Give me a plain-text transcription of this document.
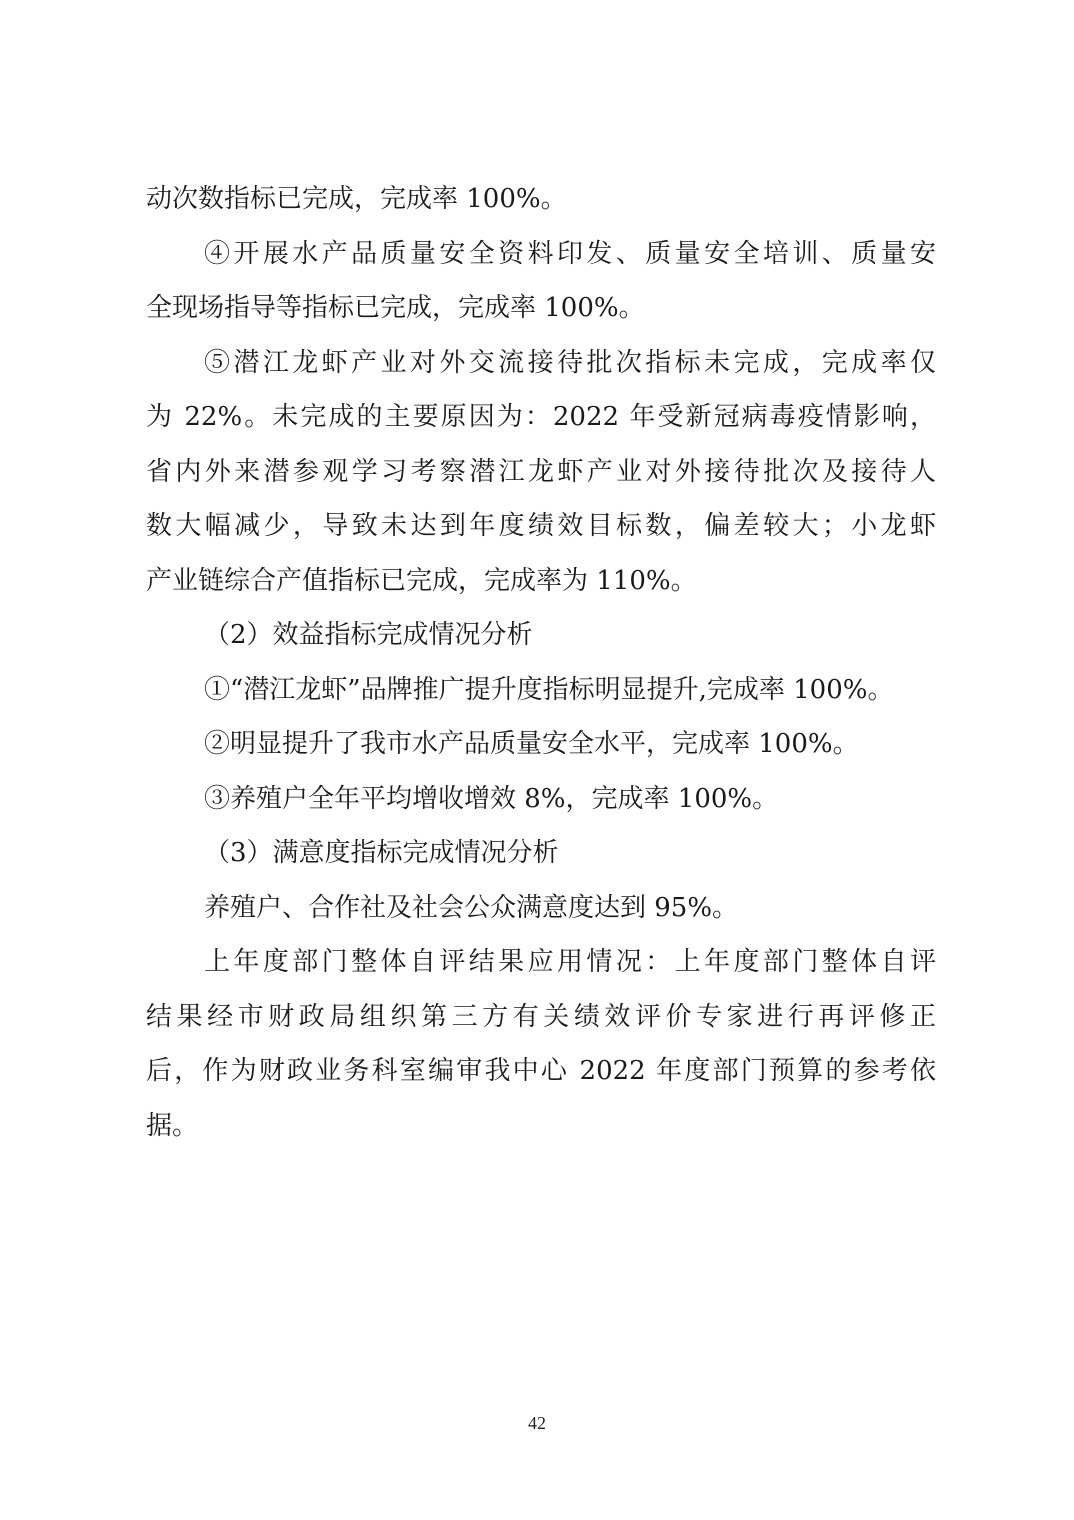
动次数指标已完成，完成率 100%。
④开展水产品质量安全资料印发、质量安全培训、质量安
全现场指导等指标已完成，完成率 100%。
⑤潜江龙虾产业对外交流接待批次指标未完成，完成率仅
为 22%。未完成的主要原因为：2022 年受新冠病毒疫情影响，
省内外来潜参观学习考察潜江龙虾产业对外接待批次及接待人
数大幅减少，导致未达到年度绩效目标数，偏差较大；小龙虾
产业链综合产值指标已完成，完成率为 110%。
（2）效益指标完成情况分析
①“潜江龙虾”品牌推广提升度指标明显提升,完成率 100%。
②明显提升了我市水产品质量安全水平，完成率 100%。
③养殖户全年平均增收增效 8%，完成率 100%。
（3）满意度指标完成情况分析
养殖户、合作社及社会公众满意度达到 95%。
上年度部门整体自评结果应用情况：上年度部门整体自评
结果经市财政局组织第三方有关绩效评价专家进行再评修正
后，作为财政业务科室编审我中心 2022 年度部门预算的参考依
据。
42
